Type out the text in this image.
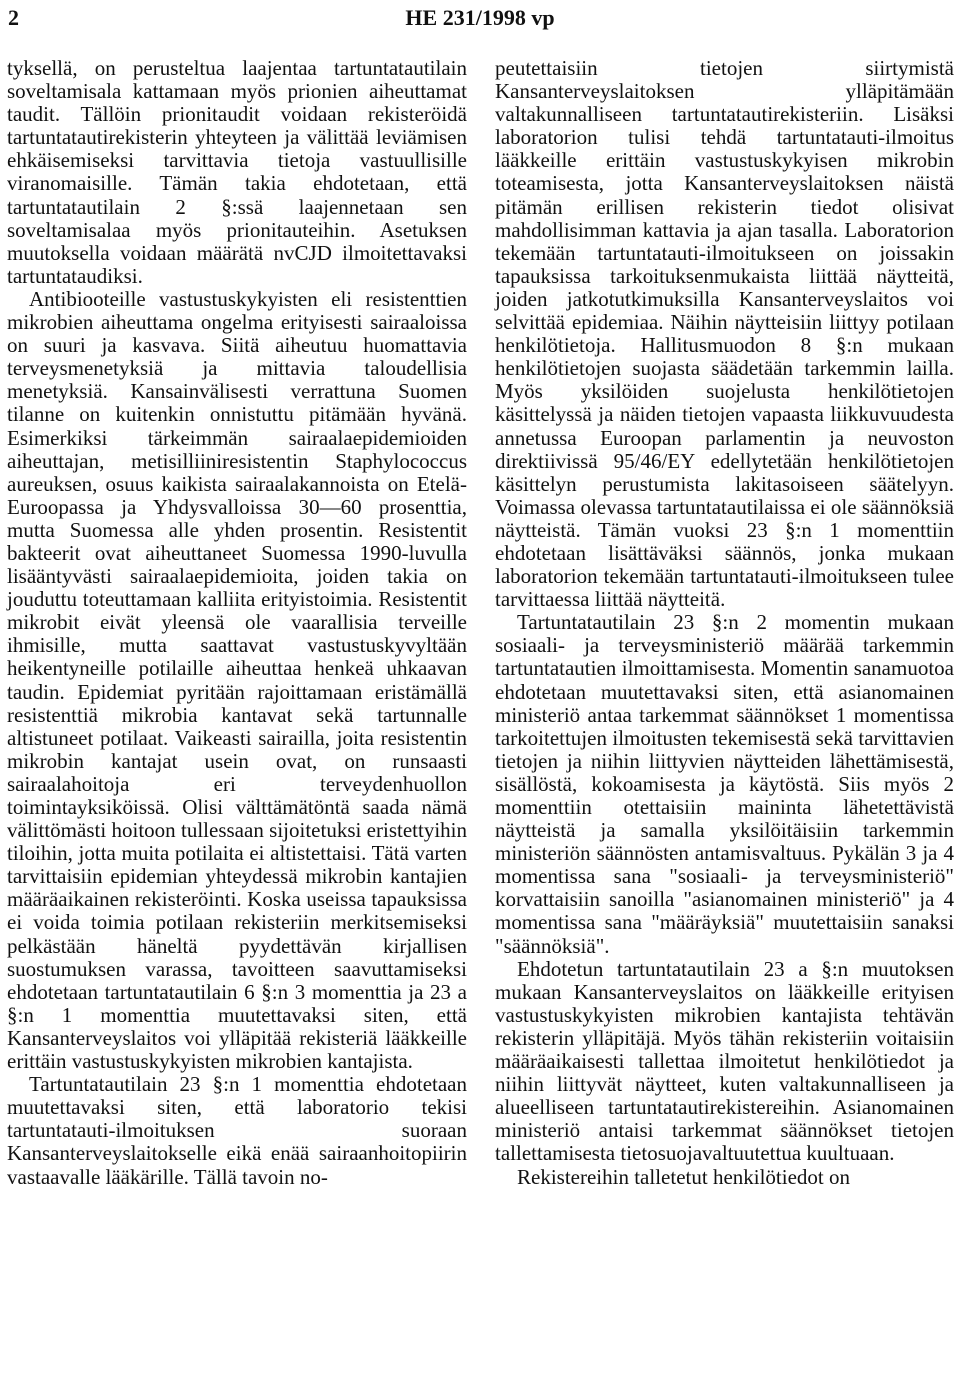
2	HE 231/1998 vp

tyksellä, on perusteltua laajentaa tartuntatautilain soveltamisala kattamaan myös prionien aiheuttamat taudit. Tällöin prionitaudit voidaan rekisteröidä tartuntatautirekisterin yhteyteen ja välittää leviämisen ehkäisemiseksi tarvittavia tietoja vastuullisille viranomaisille. Tämän takia ehdotetaan, että tartuntatautilain 2 §:ssä laajennetaan sen soveltamisalaa myös prionitauteihin. Asetuksen muutoksella voidaan määrätä nvCJD ilmoitettavaksi tartuntataudiksi.

Antibiooteille vastustuskykyisten eli resistenttien mikrobien aiheuttama ongelma erityisesti sairaaloissa on suuri ja kasvava. Siitä aiheutuu huomattavia terveysmenetyksiä ja mittavia taloudellisia menetyksiä. Kansainvälisesti verrattuna Suomen tilanne on kuitenkin onnistuttu pitämään hyvänä. Esimerkiksi tärkeimmän sairaalaepidemioiden aiheuttajan, metisilliiniresistentin Staphylococcus aureuksen, osuus kaikista sairaalakannoista on Etelä-Euroopassa ja Yhdysvalloissa 30—60 prosenttia, mutta Suomessa alle yhden prosentin. Resistentit bakteerit ovat aiheuttaneet Suomessa 1990-luvulla lisääntyvästi sairaalaepidemioita, joiden takia on jouduttu toteuttamaan kalliita erityistoimia. Resistentit mikrobit eivät yleensä ole vaarallisia terveille ihmisille, mutta saattavat vastustuskyvyltään heikentyneille potilaille aiheuttaa henkeä uhkaavan taudin. Epidemiat pyritään rajoittamaan eristämällä resistenttiä mikrobia kantavat sekä tartunnalle altistuneet potilaat. Vaikeasti sairailla, joita resistentin mikrobin kantajat usein ovat, on runsaasti sairaalahoitoja eri terveydenhuollon toimintayksiköissä. Olisi välttämätöntä saada nämä välittömästi hoitoon tullessaan sijoitetuksi eristettyihin tiloihin, jotta muita potilaita ei altistettaisi. Tätä varten tarvittaisiin epidemian yhteydessä mikrobin kantajien määräaikainen rekisteröinti. Koska useissa tapauksissa ei voida toimia potilaan rekisteriin merkitsemiseksi pelkästään häneltä pyydettävän kirjallisen suostumuksen varassa, tavoitteen saavuttamiseksi ehdotetaan tartuntatautilain 6 §:n 3 momenttia ja 23 a §:n 1 momenttia muutettavaksi siten, että Kansanterveyslaitos voi ylläpitää rekisteriä lääkkeille erittäin vastustuskykyisten mikrobien kantajista.

Tartuntatautilain 23 §:n 1 momenttia ehdotetaan muutettavaksi siten, että laboratorio tekisi tartuntatauti-ilmoituksen suoraan Kansanterveyslaitokselle eikä enää sairaanhoitopiirin vastaavalle lääkärille. Tällä tavoin no-

peutettaisiin tietojen siirtymistä Kansanterveyslaitoksen ylläpitämään valtakunnalliseen tartuntatautirekisteriin. Lisäksi laboratorion tulisi tehdä tartuntatauti-ilmoitus lääkkeille erittäin vastustuskykyisen mikrobin toteamisesta, jotta Kansanterveyslaitoksen näistä pitämän erillisen rekisterin tiedot olisivat mahdollisimman kattavia ja ajan tasalla. Laboratorion tekemään tartuntatauti-ilmoitukseen on joissakin tapauksissa tarkoituksenmukaista liittää näytteitä, joiden jatkotutkimuksilla Kansanterveyslaitos voi selvittää epidemiaa. Näihin näytteisiin liittyy potilaan henkilötietoja. Hallitusmuodon 8 §:n mukaan henkilötietojen suojasta säädetään tarkemmin lailla. Myös yksilöiden suojelusta henkilötietojen käsittelyssä ja näiden tietojen vapaasta liikkuvuudesta annetussa Euroopan parlamentin ja neuvoston direktiivissä 95/46/EY edellytetään henkilötietojen käsittelyn perustumista lakitasoiseen säätelyyn. Voimassa olevassa tartuntatautilaissa ei ole säännöksiä näytteistä. Tämän vuoksi 23 §:n 1 momenttiin ehdotetaan lisättäväksi säännös, jonka mukaan laboratorion tekemään tartuntatauti-ilmoitukseen tulee tarvittaessa liittää näytteitä.

Tartuntatautilain 23 §:n 2 momentin mukaan sosiaali- ja terveysministeriö määrää tarkemmin tartuntatautien ilmoittamisesta. Momentin sanamuotoa ehdotetaan muutettavaksi siten, että asianomainen ministeriö antaa tarkemmat säännökset 1 momentissa tarkoitettujen ilmoitusten tekemisestä sekä tarvittavien tietojen ja niihin liittyvien näytteiden lähettämisestä, sisällöstä, kokoamisesta ja käytöstä. Siis myös 2 momenttiin otettaisiin maininta lähetettävistä näytteistä ja samalla yksilöitäisiin tarkemmin ministeriön säännösten antamisvaltuus. Pykälän 3 ja 4 momentissa sana "sosiaali- ja terveysministeriö" korvattaisiin sanoilla "asianomainen ministeriö" ja 4 momentissa sana "määräyksiä" muutettaisiin sanaksi "säännöksiä".

Ehdotetun tartuntatautilain 23 a §:n muutoksen mukaan Kansanterveyslaitos on lääkkeille erityisen vastustuskykyisten mikrobien kantajista tehtävän rekisterin ylläpitäjä. Myös tähän rekisteriin voitaisiin määräaikaisesti tallettaa ilmoitetut henkilötiedot ja niihin liittyvät näytteet, kuten valtakunnalliseen ja alueelliseen tartuntatautirekistereihin. Asianomainen ministeriö antaisi tarkemmat säännökset tietojen tallettamisesta tietosuojavaltuutettua kuultuaan.

Rekistereihin talletetut henkilötiedot on
